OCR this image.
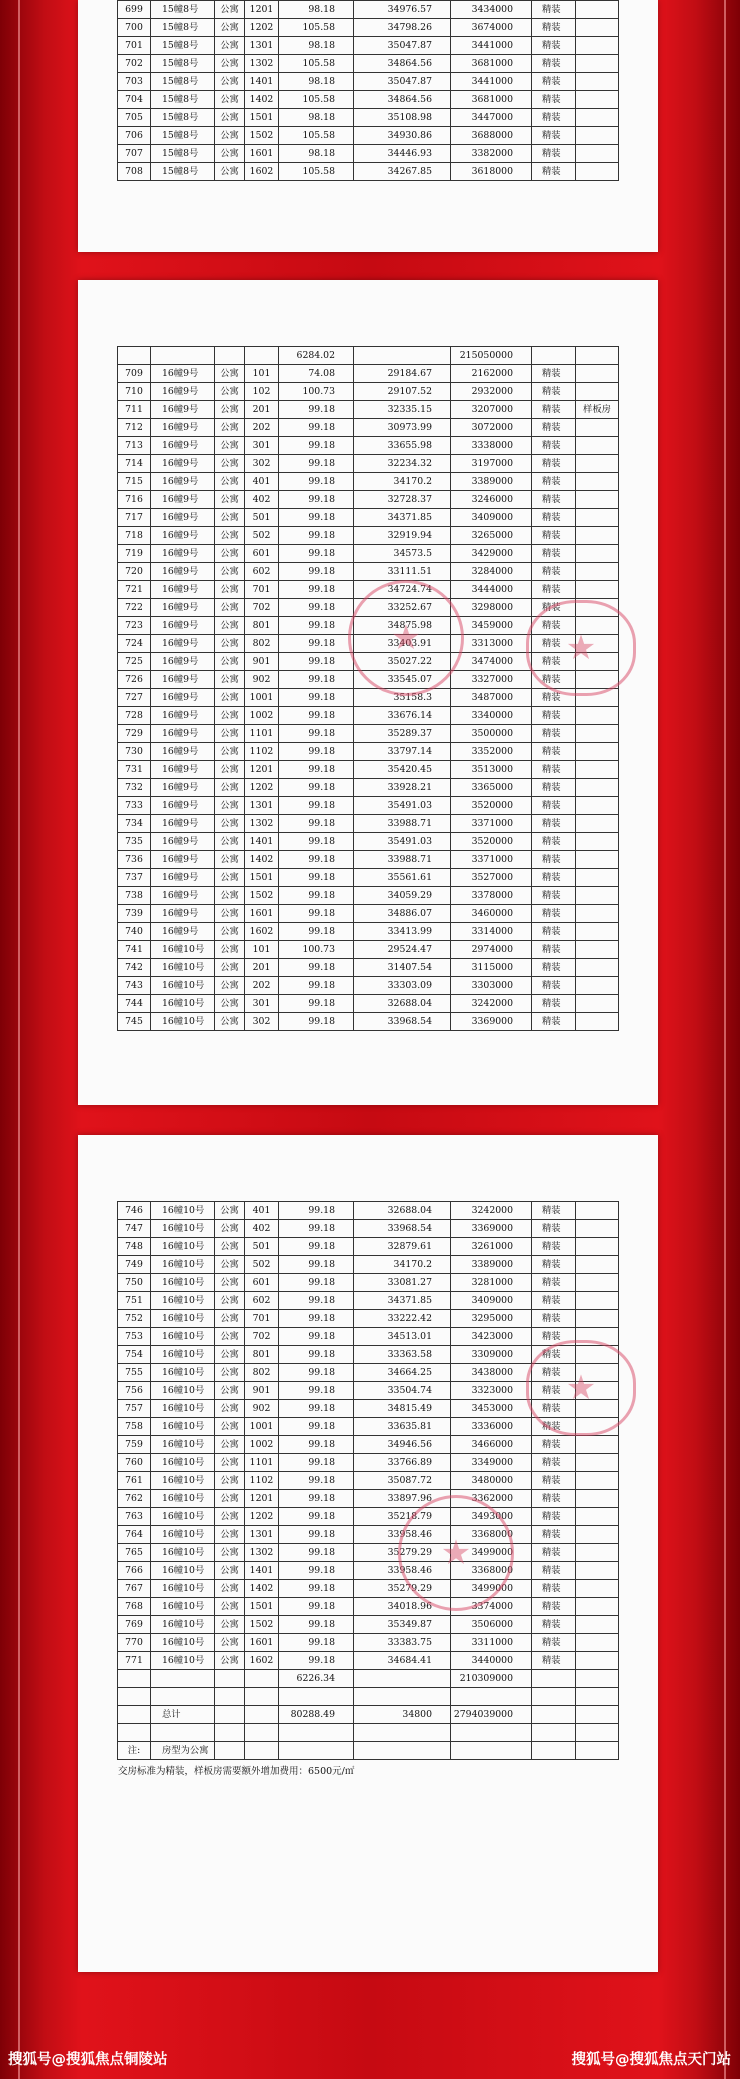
699	15幢8号	公寓	1201	98.18	34976.57	3434000	精装	
700	15幢8号	公寓	1202	105.58	34798.26	3674000	精装	
701	15幢8号	公寓	1301	98.18	35047.87	3441000	精装	
702	15幢8号	公寓	1302	105.58	34864.56	3681000	精装	
703	15幢8号	公寓	1401	98.18	35047.87	3441000	精装	
704	15幢8号	公寓	1402	105.58	34864.56	3681000	精装	
705	15幢8号	公寓	1501	98.18	35108.98	3447000	精装	
706	15幢8号	公寓	1502	105.58	34930.86	3688000	精装	
707	15幢8号	公寓	1601	98.18	34446.93	3382000	精装	
708	15幢8号	公寓	1602	105.58	34267.85	3618000	精装	
				6284.02		215050000		
709	16幢9号	公寓	101	74.08	29184.67	2162000	精装	
710	16幢9号	公寓	102	100.73	29107.52	2932000	精装	
711	16幢9号	公寓	201	99.18	32335.15	3207000	精装	样板房
712	16幢9号	公寓	202	99.18	30973.99	3072000	精装	
713	16幢9号	公寓	301	99.18	33655.98	3338000	精装	
714	16幢9号	公寓	302	99.18	32234.32	3197000	精装	
715	16幢9号	公寓	401	99.18	34170.2	3389000	精装	
716	16幢9号	公寓	402	99.18	32728.37	3246000	精装	
717	16幢9号	公寓	501	99.18	34371.85	3409000	精装	
718	16幢9号	公寓	502	99.18	32919.94	3265000	精装	
719	16幢9号	公寓	601	99.18	34573.5	3429000	精装	
720	16幢9号	公寓	602	99.18	33111.51	3284000	精装	
721	16幢9号	公寓	701	99.18	34724.74	3444000	精装	
722	16幢9号	公寓	702	99.18	33252.67	3298000	精装	
723	16幢9号	公寓	801	99.18	34875.98	3459000	精装	
724	16幢9号	公寓	802	99.18	33403.91	3313000	精装	
725	16幢9号	公寓	901	99.18	35027.22	3474000	精装	
726	16幢9号	公寓	902	99.18	33545.07	3327000	精装	
727	16幢9号	公寓	1001	99.18	35158.3	3487000	精装	
728	16幢9号	公寓	1002	99.18	33676.14	3340000	精装	
729	16幢9号	公寓	1101	99.18	35289.37	3500000	精装	
730	16幢9号	公寓	1102	99.18	33797.14	3352000	精装	
731	16幢9号	公寓	1201	99.18	35420.45	3513000	精装	
732	16幢9号	公寓	1202	99.18	33928.21	3365000	精装	
733	16幢9号	公寓	1301	99.18	35491.03	3520000	精装	
734	16幢9号	公寓	1302	99.18	33988.71	3371000	精装	
735	16幢9号	公寓	1401	99.18	35491.03	3520000	精装	
736	16幢9号	公寓	1402	99.18	33988.71	3371000	精装	
737	16幢9号	公寓	1501	99.18	35561.61	3527000	精装	
738	16幢9号	公寓	1502	99.18	34059.29	3378000	精装	
739	16幢9号	公寓	1601	99.18	34886.07	3460000	精装	
740	16幢9号	公寓	1602	99.18	33413.99	3314000	精装	
741	16幢10号	公寓	101	100.73	29524.47	2974000	精装	
742	16幢10号	公寓	201	99.18	31407.54	3115000	精装	
743	16幢10号	公寓	202	99.18	33303.09	3303000	精装	
744	16幢10号	公寓	301	99.18	32688.04	3242000	精装	
745	16幢10号	公寓	302	99.18	33968.54	3369000	精装	
★
★
746	16幢10号	公寓	401	99.18	32688.04	3242000	精装	
747	16幢10号	公寓	402	99.18	33968.54	3369000	精装	
748	16幢10号	公寓	501	99.18	32879.61	3261000	精装	
749	16幢10号	公寓	502	99.18	34170.2	3389000	精装	
750	16幢10号	公寓	601	99.18	33081.27	3281000	精装	
751	16幢10号	公寓	602	99.18	34371.85	3409000	精装	
752	16幢10号	公寓	701	99.18	33222.42	3295000	精装	
753	16幢10号	公寓	702	99.18	34513.01	3423000	精装	
754	16幢10号	公寓	801	99.18	33363.58	3309000	精装	
755	16幢10号	公寓	802	99.18	34664.25	3438000	精装	
756	16幢10号	公寓	901	99.18	33504.74	3323000	精装	
757	16幢10号	公寓	902	99.18	34815.49	3453000	精装	
758	16幢10号	公寓	1001	99.18	33635.81	3336000	精装	
759	16幢10号	公寓	1002	99.18	34946.56	3466000	精装	
760	16幢10号	公寓	1101	99.18	33766.89	3349000	精装	
761	16幢10号	公寓	1102	99.18	35087.72	3480000	精装	
762	16幢10号	公寓	1201	99.18	33897.96	3362000	精装	
763	16幢10号	公寓	1202	99.18	35218.79	3493000	精装	
764	16幢10号	公寓	1301	99.18	33958.46	3368000	精装	
765	16幢10号	公寓	1302	99.18	35279.29	3499000	精装	
766	16幢10号	公寓	1401	99.18	33958.46	3368000	精装	
767	16幢10号	公寓	1402	99.18	35279.29	3499000	精装	
768	16幢10号	公寓	1501	99.18	34018.96	3374000	精装	
769	16幢10号	公寓	1502	99.18	35349.87	3506000	精装	
770	16幢10号	公寓	1601	99.18	33383.75	3311000	精装	
771	16幢10号	公寓	1602	99.18	34684.41	3440000	精装	
				6226.34		210309000		

	总计			80288.49	34800	2794039000		

注:	房型为公寓							
交房标准为精装，样板房需要额外增加费用：6500元/㎡
★
★
搜狐号@搜狐焦点铜陵站	搜狐号@搜狐焦点天门站
